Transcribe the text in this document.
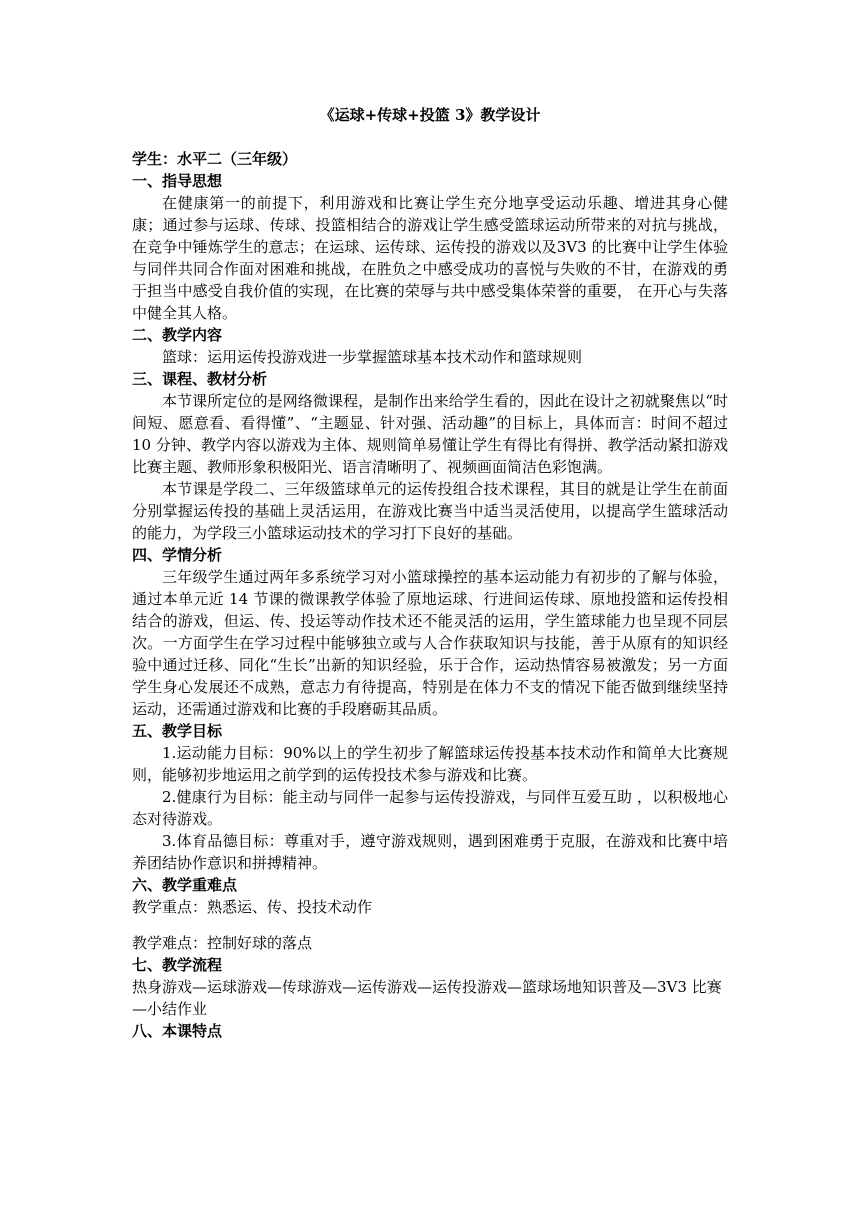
《运球+传球+投篮 3》教学设计
学生：水平二（三年级）
一、指导思想

在健康第一的前提下，利用游戏和比赛让学生充分地享受运动乐趣、增进其身心健康；通过参与运球、传球、投篮相结合的游戏让学生感受篮球运动所带来的对抗与挑战，在竞争中锤炼学生的意志；在运球、运传球、运传投的游戏以及3V3 的比赛中让学生体验与同伴共同合作面对困难和挑战，在胜负之中感受成功的喜悦与失败的不甘，在游戏的勇于担当中感受自我价值的实现，在比赛的荣辱与共中感受集体荣誉的重要， 在开心与失落中健全其人格。

二、教学内容

篮球：运用运传投游戏进一步掌握篮球基本技术动作和篮球规则

三、课程、教材分析

本节课所定位的是网络微课程，是制作出来给学生看的，因此在设计之初就聚焦以“时间短、愿意看、看得懂”、“主题显、针对强、活动趣”的目标上，具体而言：时间不超过 10 分钟、教学内容以游戏为主体、规则简单易懂让学生有得比有得拼、教学活动紧扣游戏比赛主题、教师形象积极阳光、语言清晰明了、视频画面简洁色彩饱满。

本节课是学段二、三年级篮球单元的运传投组合技术课程，其目的就是让学生在前面分别掌握运传投的基础上灵活运用，在游戏比赛当中适当灵活使用，以提高学生篮球活动的能力，为学段三小篮球运动技术的学习打下良好的基础。

四、学情分析

三年级学生通过两年多系统学习对小篮球操控的基本运动能力有初步的了解与体验，通过本单元近 14 节课的微课教学体验了原地运球、行进间运传球、原地投篮和运传投相结合的游戏，但运、传、投运等动作技术还不能灵活的运用，学生篮球能力也呈现不同层次。一方面学生在学习过程中能够独立或与人合作获取知识与技能，善于从原有的知识经验中通过迁移、同化“生长”出新的知识经验，乐于合作，运动热情容易被激发；另一方面学生身心发展还不成熟，意志力有待提高，特别是在体力不支的情况下能否做到继续坚持运动，还需通过游戏和比赛的手段磨砺其品质。

五、教学目标

1.运动能力目标：90%以上的学生初步了解篮球运传投基本技术动作和简单大比赛规则，能够初步地运用之前学到的运传投技术参与游戏和比赛。

2.健康行为目标：能主动与同伴一起参与运传投游戏，与同伴互爱互助 ，以积极地心态对待游戏。

3.体育品德目标：尊重对手，遵守游戏规则，遇到困难勇于克服，在游戏和比赛中培养团结协作意识和拼搏精神。

六、教学重难点

教学重点：熟悉运、传、投技术动作

教学难点：控制好球的落点

七、教学流程

热身游戏—运球游戏—传球游戏—运传游戏—运传投游戏—篮球场地知识普及—3V3 比赛—小结作业

八、本课特点
